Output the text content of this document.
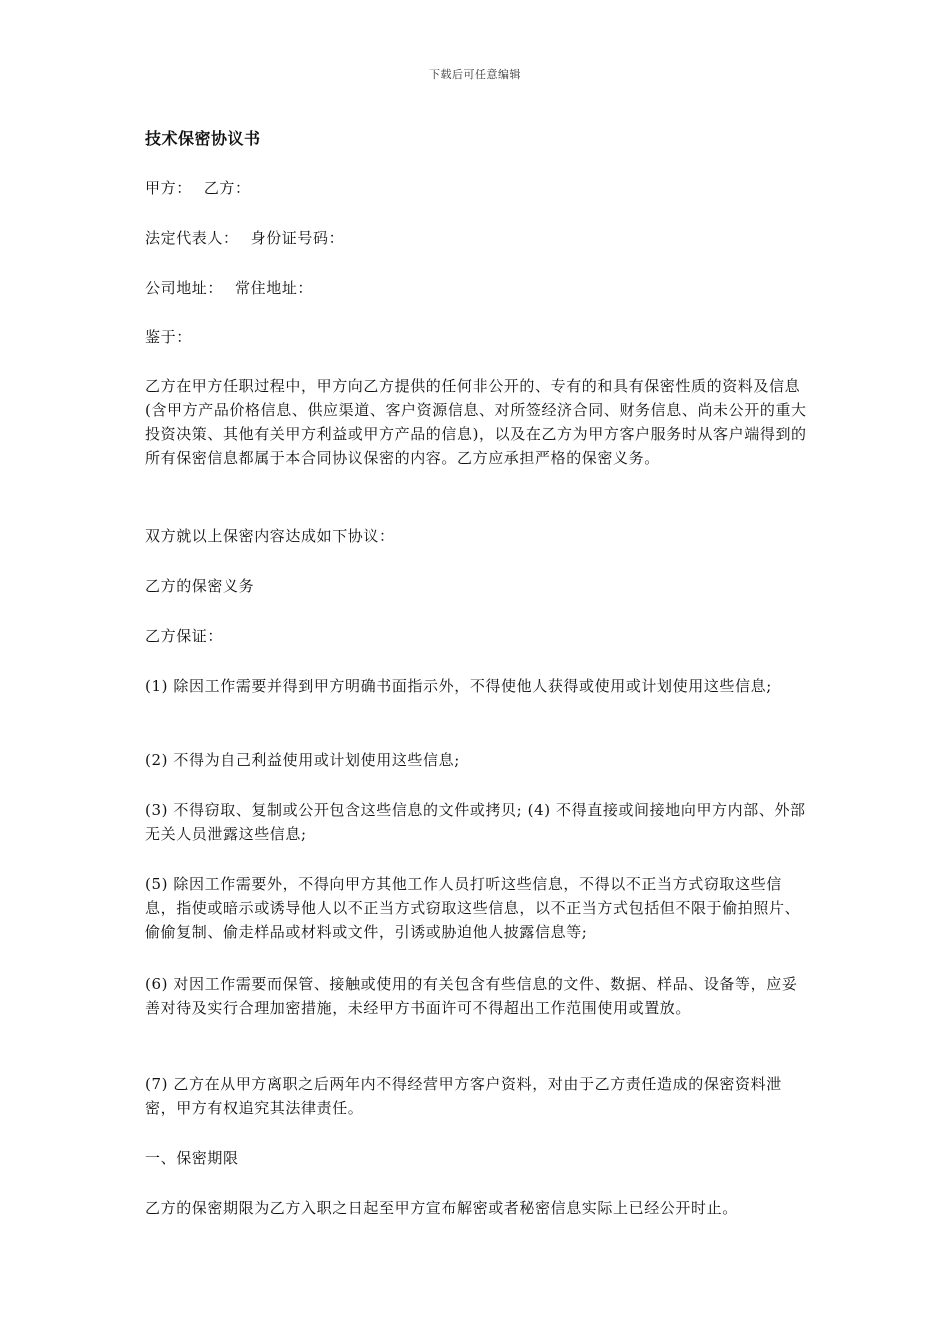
下载后可任意编辑
技术保密协议书
甲方： 乙方：
法定代表人： 身份证号码：
公司地址： 常住地址：
鉴于：
乙方在甲方任职过程中，甲方向乙方提供的任何非公开的、专有的和具有保密性质的资料及信息(含甲方产品价格信息、供应渠道、客户资源信息、对所签经济合同、财务信息、尚未公开的重大投资决策、其他有关甲方利益或甲方产品的信息)，以及在乙方为甲方客户服务时从客户端得到的所有保密信息都属于本合同协议保密的内容。乙方应承担严格的保密义务。
双方就以上保密内容达成如下协议：
乙方的保密义务
乙方保证：
(1) 除因工作需要并得到甲方明确书面指示外，不得使他人获得或使用或计划使用这些信息;
(2) 不得为自己利益使用或计划使用这些信息;
(3) 不得窃取、复制或公开包含这些信息的文件或拷贝; (4) 不得直接或间接地向甲方内部、外部无关人员泄露这些信息;
(5) 除因工作需要外，不得向甲方其他工作人员打听这些信息，不得以不正当方式窃取这些信息，指使或暗示或诱导他人以不正当方式窃取这些信息，以不正当方式包括但不限于偷拍照片、偷偷复制、偷走样品或材料或文件，引诱或胁迫他人披露信息等;
(6) 对因工作需要而保管、接触或使用的有关包含有些信息的文件、数据、样品、设备等，应妥善对待及实行合理加密措施，未经甲方书面许可不得超出工作范围使用或置放。
(7) 乙方在从甲方离职之后两年内不得经营甲方客户资料，对由于乙方责任造成的保密资料泄密，甲方有权追究其法律责任。
一、保密期限
乙方的保密期限为乙方入职之日起至甲方宣布解密或者秘密信息实际上已经公开时止。
